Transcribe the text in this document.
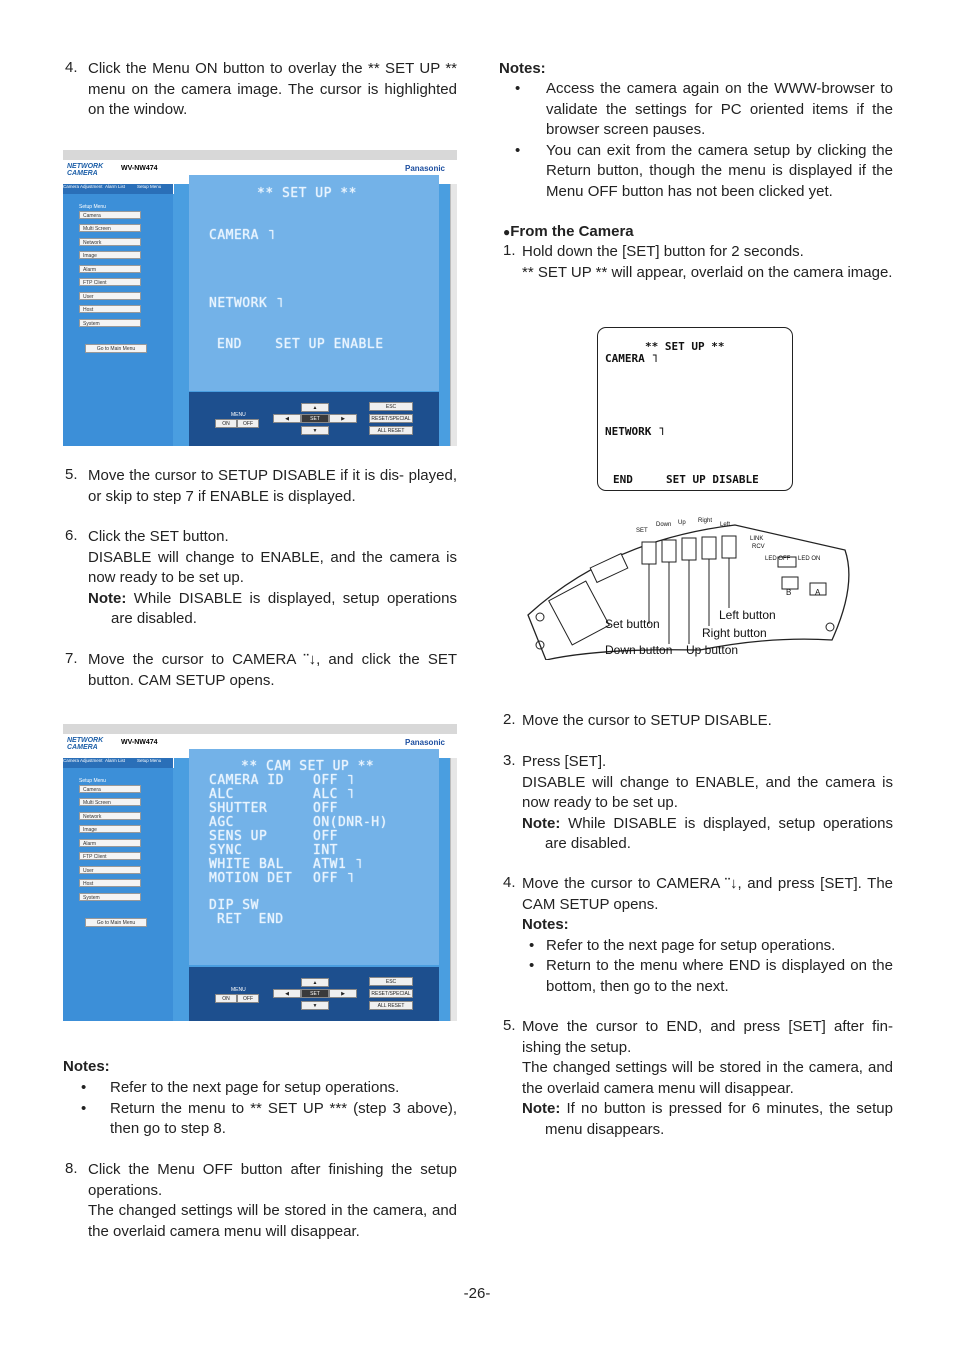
4. Click the Menu ON button to overlay the ** SET UP ** menu on the camera image. The cursor is highlighted on the window.
NETWORK CAMERA
WV-NW474	Panasonic
Camera Adjustment Alarm List	Setup Menu
Setup Menu
Camera
Multi Screen
Network
Image
Alarm
FTP Client
User
Host
System
Go to Main Menu
** SET UP **
CAMERA ˥
NETWORK ˥
END    SET UP ENABLE
MENU
ON	OFF
▲
◀	SET	▶
▼
ESC
RESET/SPECIAL
ALL RESET
5. Move the cursor to SETUP DISABLE if it is dis- played, or skip to step 7 if ENABLE is displayed.
6. Click the SET button.
DISABLE will change to ENABLE, and the camera is now ready to be set up.
Note: While DISABLE is displayed, setup operations are disabled.
7. Move the cursor to CAMERA ¨↓, and click the SET button. CAM SETUP opens.
NETWORK CAMERA
WV-NW474	Panasonic
Camera Adjustment Alarm List	Setup Menu
Setup Menu
Camera
Multi Screen
Network
Image
Alarm
FTP Client
User
Host
System
Go to Main Menu
** CAM SET UP **
CAMERA ID OFF ˥
ALC	ALC ˥
SHUTTER	OFF
AGC	ON(DNR-H)
SENS UP	OFF
SYNC	INT
WHITE BAL ATW1 ˥
MOTION DET OFF ˥
DIP SW
RET  END
MENU
ON	OFF
▲
◀	SET	▶
▼
ESC
RESET/SPECIAL
ALL RESET
Notes:
• Refer to the next page for setup operations.
• Return the menu to ** SET UP *** (step 3 above), then go to step 8.
8. Click the Menu OFF button after finishing the setup operations.
The changed settings will be stored in the camera, and the overlaid camera menu will disappear.
Notes:
• Access the camera again on the WWW-browser to validate the settings for PC oriented items if the browser screen pauses.
• You can exit from the camera setup by clicking the Return button, though the menu is displayed if the Menu OFF button has not been clicked yet.
●From the Camera
1. Hold down the [SET] button for 2 seconds.
** SET UP ** will appear, overlaid on the camera image.
** SET UP **
CAMERA ˥
NETWORK ˥
END     SET UP DISABLE
SET
Down Up Right
Left
LINK
RCV
LED OFF LED ON
B	A
Set button
Down button Up button
Left button
Right button
2. Move the cursor to SETUP DISABLE.
3. Press [SET].
DISABLE will change to ENABLE, and the camera is now ready to be set up.
Note: While DISABLE is displayed, setup operations are disabled.
4. Move the cursor to CAMERA ¨↓, and press [SET]. The CAM SETUP opens.
Notes:
• Refer to the next page for setup operations.
• Return to the menu where END is displayed on the bottom, then go to the next.
5. Move the cursor to END, and press [SET] after fin- ishing the setup.
The changed settings will be stored in the camera, and the overlaid camera menu will disappear.
Note: If no button is pressed for 6 minutes, the setup menu disappears.
-26-
